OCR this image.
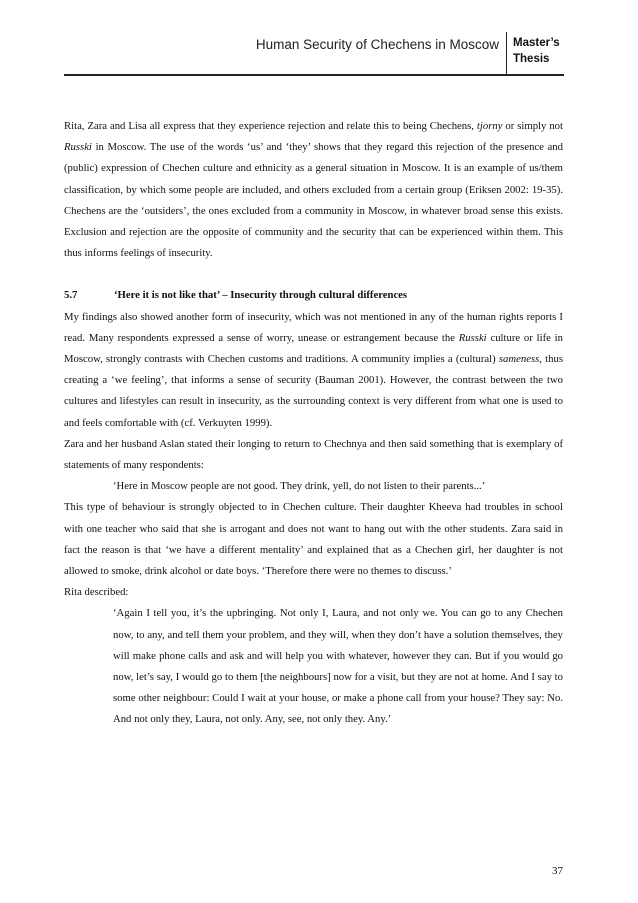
Human Security of Chechens in Moscow Master’s
Thesis

Rita, Zara and Lisa all express that they experience rejection and relate this to being Chechens, tjorny or simply not Russki in Moscow. The use of the words ‘us’ and ‘they’ shows that they regard this rejection of the presence and (public) expression of Chechen culture and ethnicity as a general situation in Moscow. It is an example of us/them classification, by which some people are included, and others excluded from a certain group (Eriksen 2002: 19-35). Chechens are the ‘outsiders’, the ones excluded from a community in Moscow, in whatever broad sense this exists. Exclusion and rejection are the opposite of community and the security that can be experienced within them. This thus informs feelings of insecurity.

5.7	‘Here it is not like that’ – Insecurity through cultural differences

My findings also showed another form of insecurity, which was not mentioned in any of the human rights reports I read. Many respondents expressed a sense of worry, unease or estrangement because the Russki culture or life in Moscow, strongly contrasts with Chechen customs and traditions. A community implies a (cultural) sameness, thus creating a ‘we feeling’, that informs a sense of security (Bauman 2001). However, the contrast between the two cultures and lifestyles can result in insecurity, as the surrounding context is very different from what one is used to and feels comfortable with (cf. Verkuyten 1999).

Zara and her husband Aslan stated their longing to return to Chechnya and then said something that is exemplary of statements of many respondents:

‘Here in Moscow people are not good. They drink, yell, do not listen to their parents...’

This type of behaviour is strongly objected to in Chechen culture. Their daughter Kheeva had troubles in school with one teacher who said that she is arrogant and does not want to hang out with the other students. Zara said in fact the reason is that ‘we have a different mentality’ and explained that as a Chechen girl, her daughter is not allowed to smoke, drink alcohol or date boys. ‘Therefore there were no themes to discuss.’

Rita described:

‘Again I tell you, it’s the upbringing. Not only I, Laura, and not only we. You can go to any Chechen now, to any, and tell them your problem, and they will, when they don’t have a solution themselves, they will make phone calls and ask and will help you with whatever, however they can. But if you would go now, let’s say, I would go to them [the neighbours] now for a visit, but they are not at home. And I say to some other neighbour: Could I wait at your house, or make a phone call from your house? They say: No. And not only they, Laura, not only. Any, see, not only they. Any.’

37
